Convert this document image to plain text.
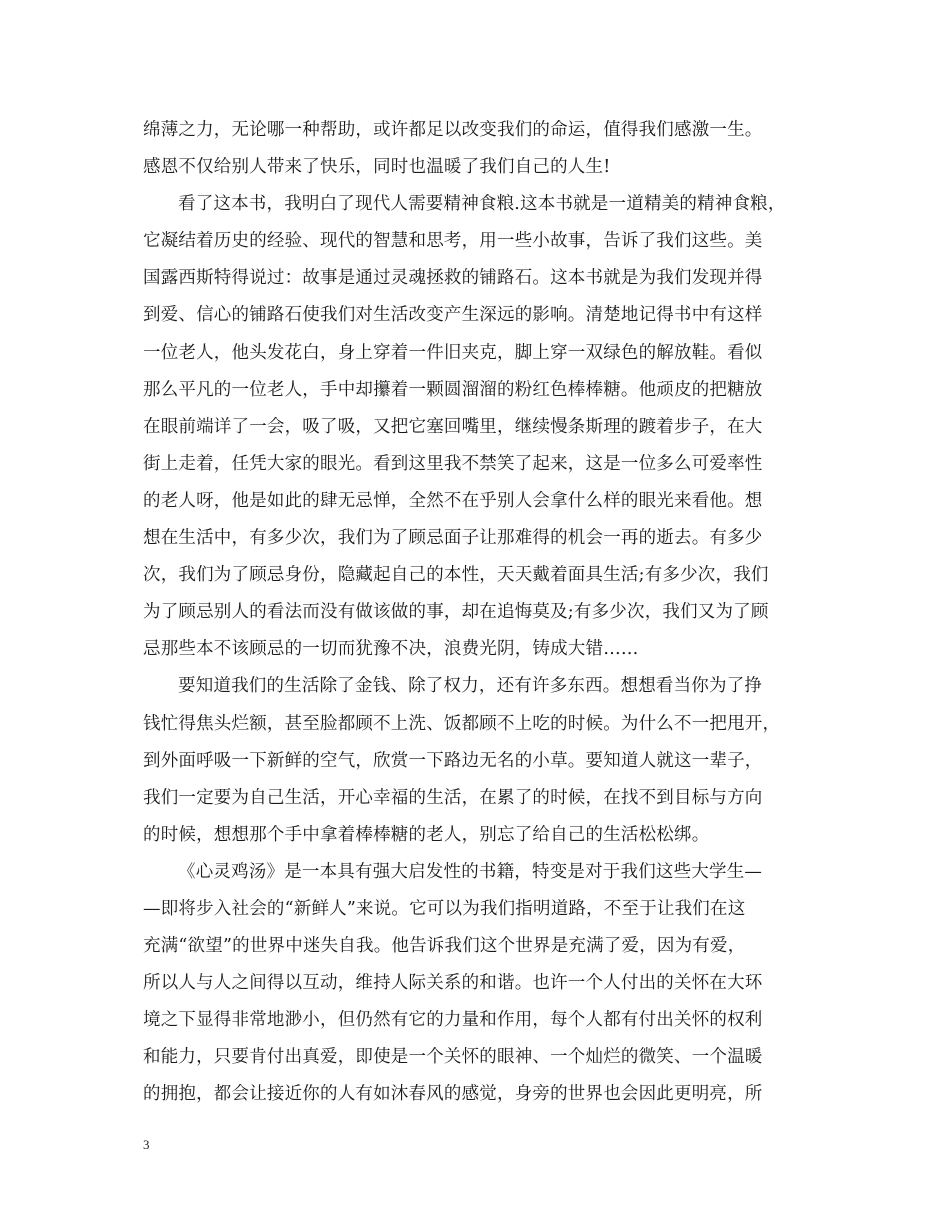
绵薄之力，无论哪一种帮助，或许都足以改变我们的命运，值得我们感激一生。
感恩不仅给别人带来了快乐，同时也温暖了我们自己的人生!
看了这本书，我明白了现代人需要精神食粮.这本书就是一道精美的精神食粮，
它凝结着历史的经验、现代的智慧和思考，用一些小故事，告诉了我们这些。美
国露西斯特得说过：故事是通过灵魂拯救的铺路石。这本书就是为我们发现并得
到爱、信心的铺路石使我们对生活改变产生深远的影响。清楚地记得书中有这样
一位老人，他头发花白，身上穿着一件旧夹克，脚上穿一双绿色的解放鞋。看似
那么平凡的一位老人，手中却攥着一颗圆溜溜的粉红色棒棒糖。他顽皮的把糖放
在眼前端详了一会，吸了吸，又把它塞回嘴里，继续慢条斯理的踱着步子，在大
街上走着，任凭大家的眼光。看到这里我不禁笑了起来，这是一位多么可爱率性
的老人呀，他是如此的肆无忌惮，全然不在乎别人会拿什么样的眼光来看他。想
想在生活中，有多少次，我们为了顾忌面子让那难得的机会一再的逝去。有多少
次，我们为了顾忌身份，隐藏起自己的本性，天天戴着面具生活;有多少次，我们
为了顾忌别人的看法而没有做该做的事，却在追悔莫及;有多少次，我们又为了顾
忌那些本不该顾忌的一切而犹豫不决，浪费光阴，铸成大错……
要知道我们的生活除了金钱、除了权力，还有许多东西。想想看当你为了挣
钱忙得焦头烂额，甚至脸都顾不上洗、饭都顾不上吃的时候。为什么不一把甩开，
到外面呼吸一下新鲜的空气，欣赏一下路边无名的小草。要知道人就这一辈子，
我们一定要为自己生活，开心幸福的生活，在累了的时候，在找不到目标与方向
的时候，想想那个手中拿着棒棒糖的老人，别忘了给自己的生活松松绑。
《心灵鸡汤》是一本具有强大启发性的书籍，特变是对于我们这些大学生—
—即将步入社会的“新鲜人”来说。它可以为我们指明道路，不至于让我们在这
充满“欲望”的世界中迷失自我。他告诉我们这个世界是充满了爱，因为有爱，
所以人与人之间得以互动，维持人际关系的和谐。也许一个人付出的关怀在大环
境之下显得非常地渺小，但仍然有它的力量和作用，每个人都有付出关怀的权利
和能力，只要肯付出真爱，即使是一个关怀的眼神、一个灿烂的微笑、一个温暖
的拥抱，都会让接近你的人有如沐春风的感觉，身旁的世界也会因此更明亮，所
3
